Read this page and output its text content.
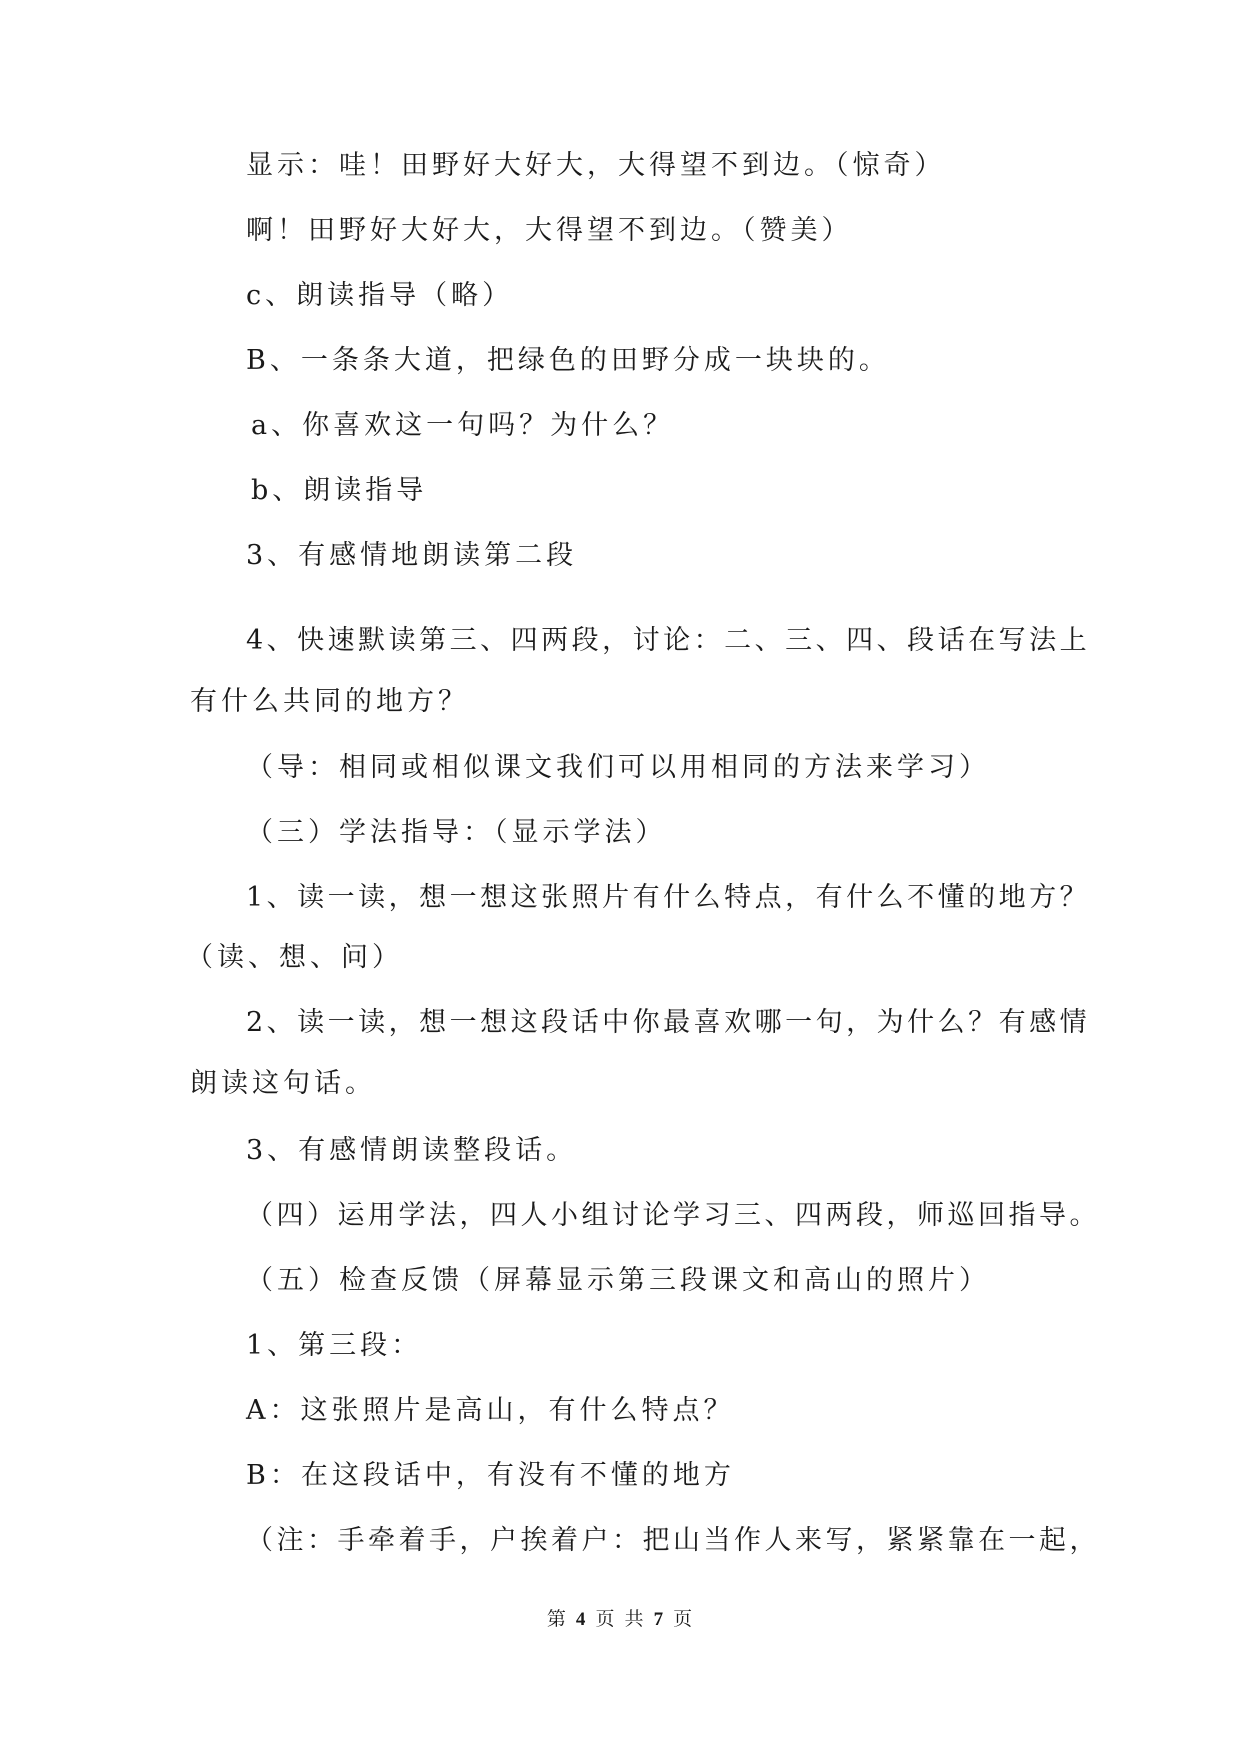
显示：哇！田野好大好大，大得望不到边。（惊奇）
啊！田野好大好大，大得望不到边。（赞美）
c、朗读指导（略）
B、一条条大道，把绿色的田野分成一块块的。
a、你喜欢这一句吗？为什么？
b、朗读指导
3、有感情地朗读第二段
4、快速默读第三、四两段，讨论：二、三、四、段话在写法上
有什么共同的地方？
（导：相同或相似课文我们可以用相同的方法来学习）
（三）学法指导：（显示学法）
1、读一读，想一想这张照片有什么特点，有什么不懂的地方？
（读、想、问）
2、读一读，想一想这段话中你最喜欢哪一句，为什么？有感情
朗读这句话。
3、有感情朗读整段话。
（四）运用学法，四人小组讨论学习三、四两段，师巡回指导。
（五）检查反馈（屏幕显示第三段课文和高山的照片）
1、第三段：
A：这张照片是高山，有什么特点？
B：在这段话中，有没有不懂的地方
（注：手牵着手，户挨着户：把山当作人来写，紧紧靠在一起，
第 4 页 共 7 页
